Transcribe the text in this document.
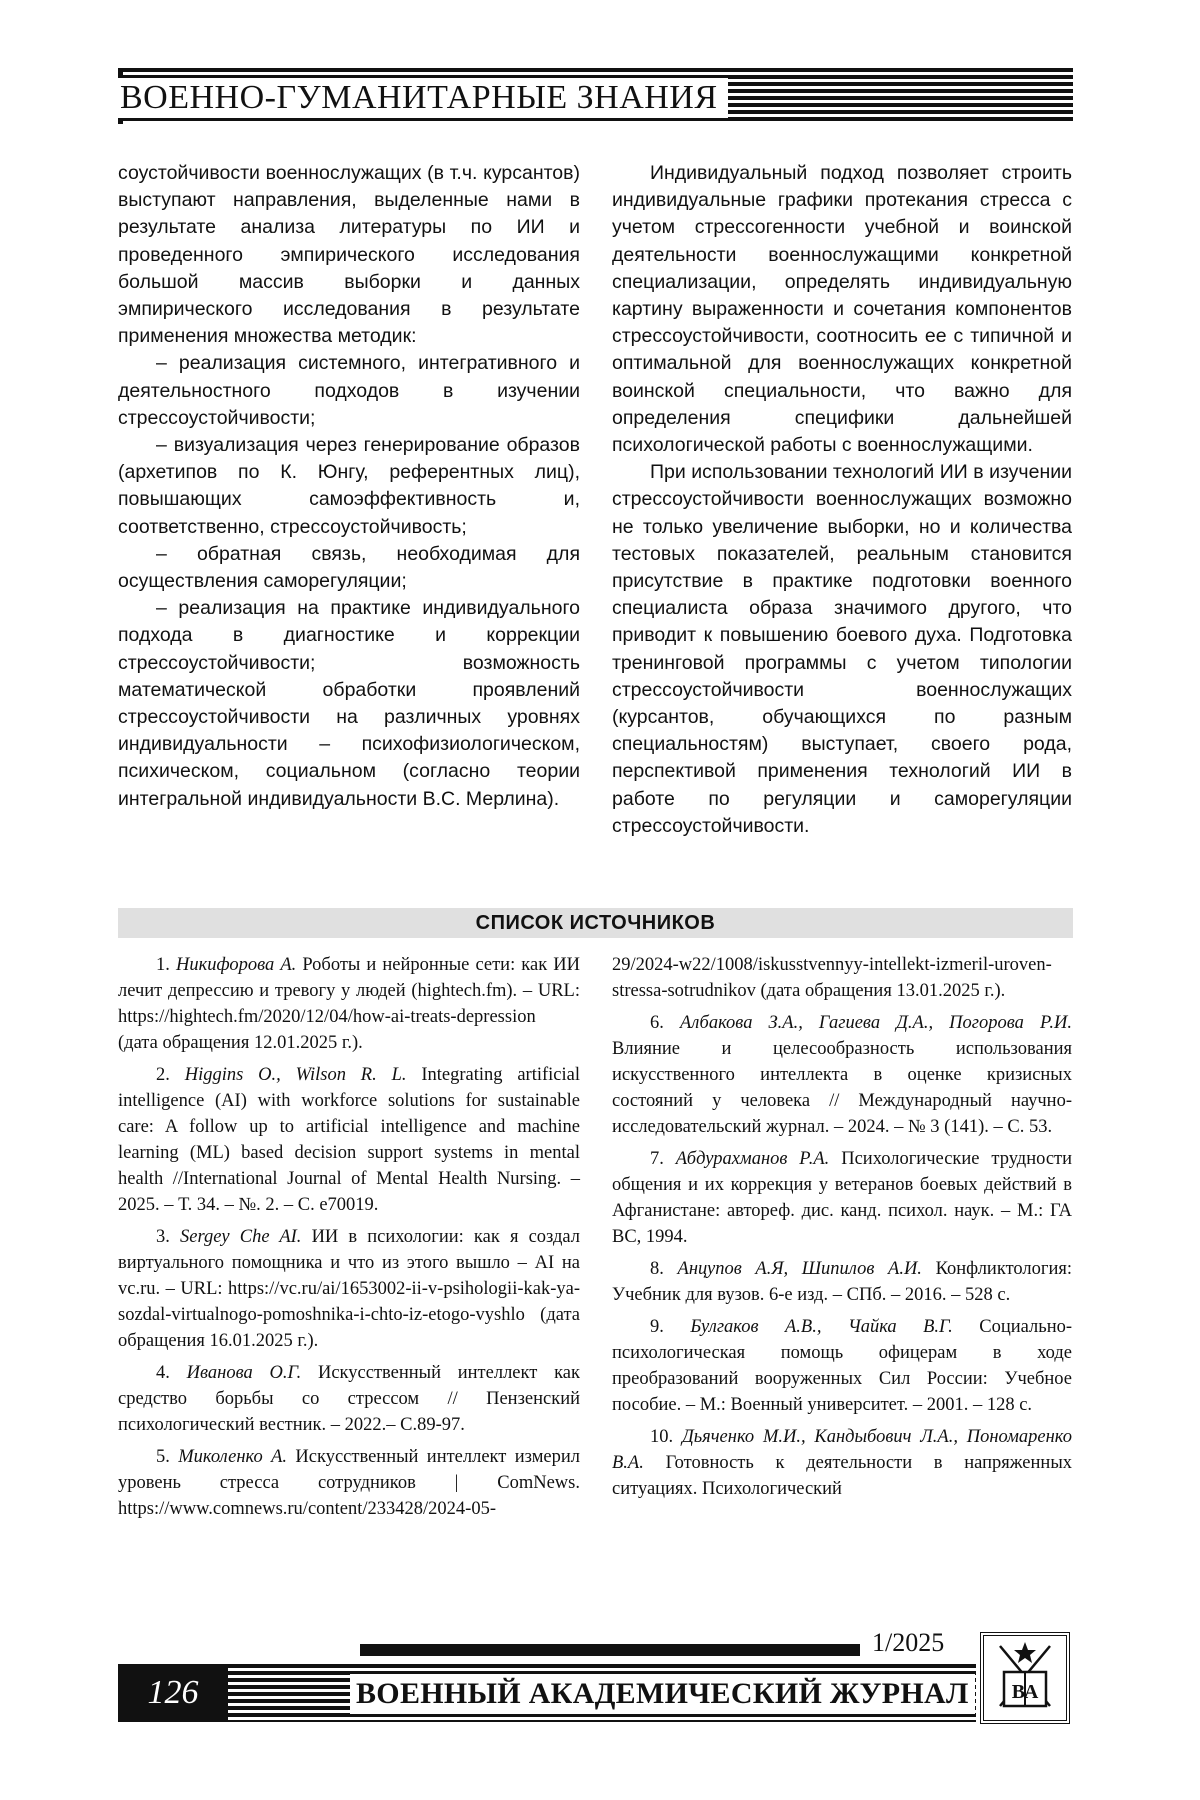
ВОЕННО-ГУМАНИТАРНЫЕ ЗНАНИЯ

соустойчивости военнослужащих (в т.ч. курсантов) выступают направления, выделенные нами в результате анализа литературы по ИИ и проведенного эмпирического исследования большой массив выборки и данных эмпирического исследования в результате применения множества методик:

– реализация системного, интегративного и деятельностного подходов в изучении стрессоустойчивости;

– визуализация через генерирование образов (архетипов по К. Юнгу, референтных лиц), повышающих самоэффективность и, соответственно, стрессоустойчивость;

– обратная связь, необходимая для осуществления саморегуляции;

– реализация на практике индивидуального подхода в диагностике и коррекции стрессоустойчивости; возможность математической обработки проявлений стрессоустойчивости на различных уровнях индивидуальности – психофизиологическом, психическом, социальном (согласно теории интегральной индивидуальности В.С. Мерлина).

Индивидуальный подход позволяет строить индивидуальные графики протекания стресса с учетом стрессогенности учебной и воинской деятельности военнослужащими конкретной специализации, определять индивидуальную картину выраженности и сочетания компонентов стрессоустойчивости, соотносить ее с типичной и оптимальной для военнослужащих конкретной воинской специальности, что важно для определения специфики дальнейшей психологической работы с военнослужащими.

При использовании технологий ИИ в изучении стрессоустойчивости военнослужащих возможно не только увеличение выборки, но и количества тестовых показателей, реальным становится присутствие в практике подготовки военного специалиста образа значимого другого, что приводит к повышению боевого духа. Подготовка тренинговой программы с учетом типологии стрессоустойчивости военнослужащих (курсантов, обучающихся по разным специальностям) выступает, своего рода, перспективой применения технологий ИИ в работе по регуляции и саморегуляции стрессоустойчивости.

СПИСОК ИСТОЧНИКОВ

1. Никифорова А. Роботы и нейронные сети: как ИИ лечит депрессию и тревогу у людей (hightech.fm). – URL: https://hightech.fm/2020/12/04/how-ai-treats-depression (дата обращения 12.01.2025 г.).

2. Higgins O., Wilson R. L. Integrating artificial intelligence (AI) with workforce solutions for sustainable care: A follow up to artificial intelligence and machine learning (ML) based decision support systems in mental health //International Journal of Mental Health Nursing. – 2025. – Т. 34. – №. 2. – С. e70019.

3. Sergey Che AI. ИИ в психологии: как я создал виртуального помощника и что из этого вышло – AI на vc.ru. – URL: https://vc.ru/ai/1653002-ii-v-psihologii-kak-ya-sozdal-virtualnogo-pomoshnika-i-chto-iz-etogo-vyshlo (дата обращения 16.01.2025 г.).

4. Иванова О.Г. Искусственный интеллект как средство борьбы со стрессом // Пензенский психологический вестник. – 2022.– С.89-97.

5. Миколенко А. Искусственный интеллект измерил уровень стресса сотрудников | ComNews. https://www.comnews.ru/content/233428/2024-05-

29/2024-w22/1008/iskusstvennyy-intellekt-izmeril-uroven-stressa-sotrudnikov (дата обращения 13.01.2025 г.).

6. Албакова З.А., Гагиева Д.А., Погорова Р.И. Влияние и целесообразность использования искусственного интеллекта в оценке кризисных состояний у человека // Международный научно-исследовательский журнал. – 2024. – № 3 (141). – С. 53.

7. Абдурахманов Р.А. Психологические трудности общения и их коррекция у ветеранов боевых действий в Афганистане: автореф. дис. канд. психол. наук. – М.: ГА ВС, 1994.

8. Анцупов А.Я, Шипилов А.И. Конфликтология: Учебник для вузов. 6-е изд. – СПб. – 2016. – 528 с.

9. Булгаков А.В., Чайка В.Г. Социально-психологическая помощь офицерам в ходе преобразований вооруженных Сил России: Учебное пособие. – М.: Военный университет. – 2001. – 128 с.

10. Дьяченко М.И., Кандыбович Л.А., Пономаренко В.А. Готовность к деятельности в напряженных ситуациях. Психологический

1/2025
126	ВОЕННЫЙ АКАДЕМИЧЕСКИЙ ЖУРНАЛ	ВА
